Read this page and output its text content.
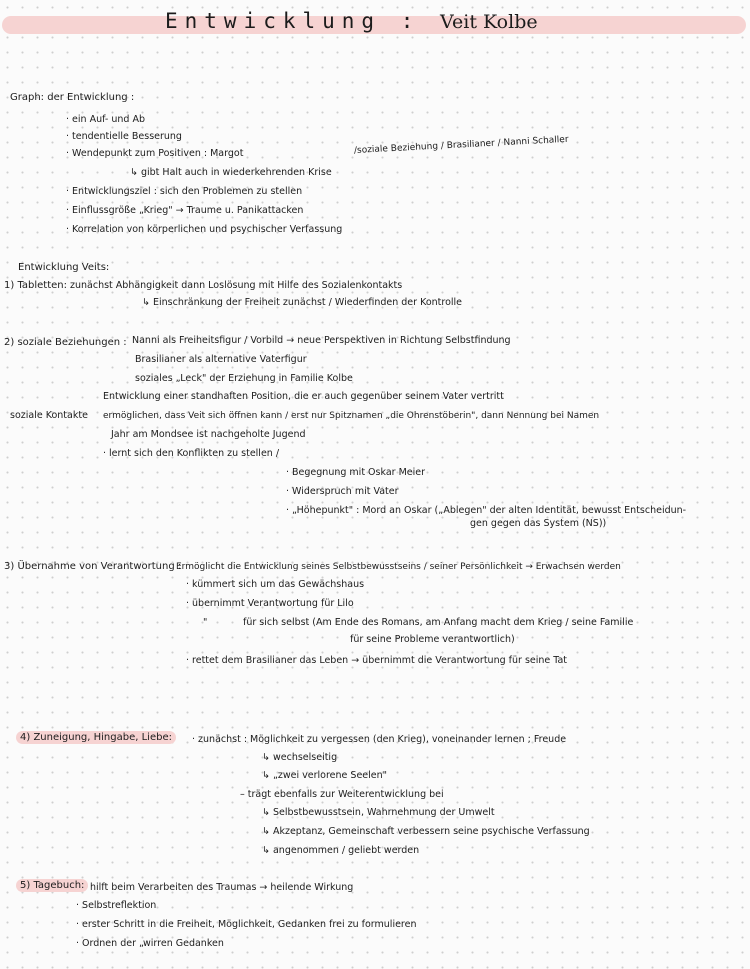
Entwicklung : Veit Kolbe
Graph: der Entwicklung :
· ein Auf- und Ab
· tendentielle Besserung
· Wendepunkt zum Positiven : Margot	/soziale Beziehung / Brasilianer / Nanni Schaller
↳ gibt Halt auch in wiederkehrenden Krise
· Entwicklungsziel : sich den Problemen zu stellen
· Einflussgröße „Krieg" → Traume u. Panikattacken
· Korrelation von körperlichen und psychischer Verfassung
Entwicklung Veits:
1) Tabletten: zunächst Abhängigkeit dann Loslösung mit Hilfe des Sozialenkontakts
↳ Einschränkung der Freiheit zunächst / Wiederfinden der Kontrolle
2) soziale Beziehungen : Nanni als Freiheitsfigur / Vorbild → neue Perspektiven in Richtung Selbstfindung
Brasilianer als alternative Vaterfigur
soziales „Leck" der Erziehung in Familie Kolbe
Entwicklung einer standhaften Position, die er auch gegenüber seinem Vater vertritt
soziale Kontakte ermöglichen, dass Veit sich öffnen kann / erst nur Spitznamen „die Ohrenstöberin", dann Nennung bei Namen
Jahr am Mondsee ist nachgeholte Jugend
· lernt sich den Konflikten zu stellen /
· Begegnung mit Oskar Meier
· Widerspruch mit Vater
· „Höhepunkt" : Mord an Oskar („Ablegen" der alten Identität, bewusst Entscheidun-
gen gegen das System (NS))
3) Übernahme von Verantwortung :
Ermöglicht die Entwicklung seines Selbstbewusstseins / seiner Persönlichkeit → Erwachsen werden
· kümmert sich um das Gewächshaus
· übernimmt Verantwortung für Lilo
"	für sich selbst (Am Ende des Romans, am Anfang macht dem Krieg / seine Familie
für seine Probleme verantwortlich)
· rettet dem Brasilianer das Leben → übernimmt die Verantwortung für seine Tat
4) Zuneigung, Hingabe, Liebe:	· zunächst : Möglichkeit zu vergessen (den Krieg), voneinander lernen ; Freude
↳ wechselseitig
↳ „zwei verlorene Seelen"
– trägt ebenfalls zur Weiterentwicklung bei
↳ Selbstbewusstsein, Wahrnehmung der Umwelt
↳ Akzeptanz, Gemeinschaft verbessern seine psychische Verfassung
↳ angenommen / geliebt werden
5) Tagebuch: hilft beim Verarbeiten des Traumas → heilende Wirkung
· Selbstreflektion
· erster Schritt in die Freiheit, Möglichkeit, Gedanken frei zu formulieren
· Ordnen der „wirren Gedanken
